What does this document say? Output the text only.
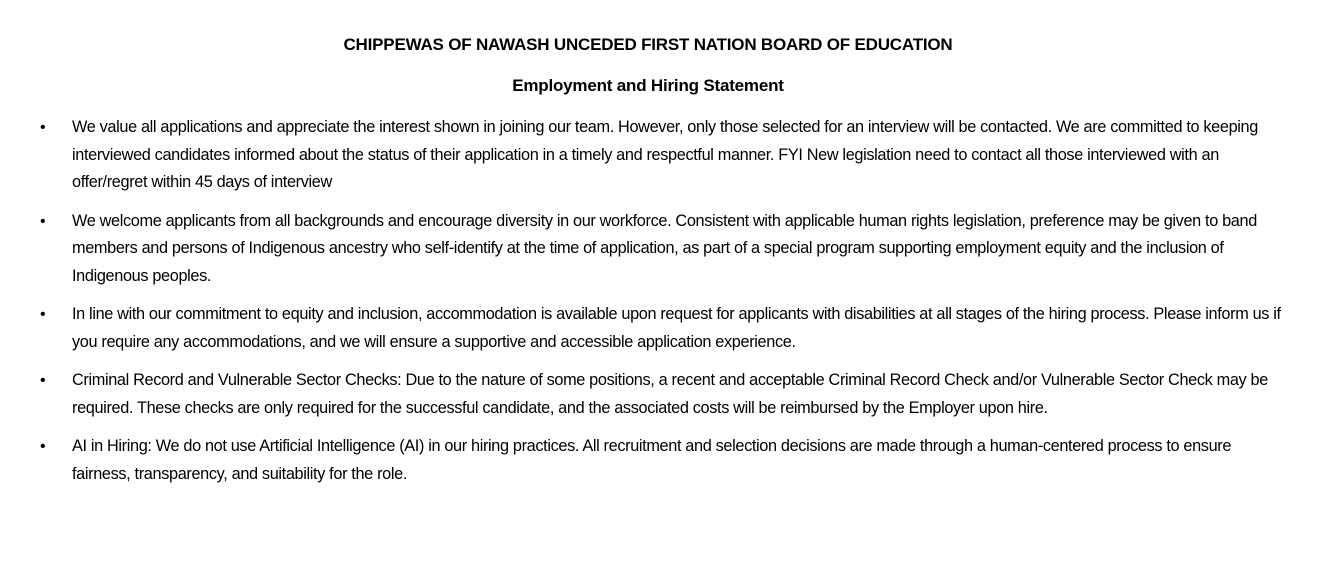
CHIPPEWAS OF NAWASH UNCEDED FIRST NATION BOARD OF EDUCATION
Employment and Hiring Statement
• We value all applications and appreciate the interest shown in joining our team. However, only those selected for an interview will be contacted. We are committed to keeping interviewed candidates informed about the status of their application in a timely and respectful manner. FYI New legislation need to contact all those interviewed with an offer/regret within 45 days of interview
• We welcome applicants from all backgrounds and encourage diversity in our workforce. Consistent with applicable human rights legislation, preference may be given to band members and persons of Indigenous ancestry who self-identify at the time of application, as part of a special program supporting employment equity and the inclusion of Indigenous peoples.
• In line with our commitment to equity and inclusion, accommodation is available upon request for applicants with disabilities at all stages of the hiring process. Please inform us if you require any accommodations, and we will ensure a supportive and accessible application experience.
• Criminal Record and Vulnerable Sector Checks: Due to the nature of some positions, a recent and acceptable Criminal Record Check and/or Vulnerable Sector Check may be required. These checks are only required for the successful candidate, and the associated costs will be reimbursed by the Employer upon hire.
• AI in Hiring: We do not use Artificial Intelligence (AI) in our hiring practices. All recruitment and selection decisions are made through a human-centered process to ensure fairness, transparency, and suitability for the role.
